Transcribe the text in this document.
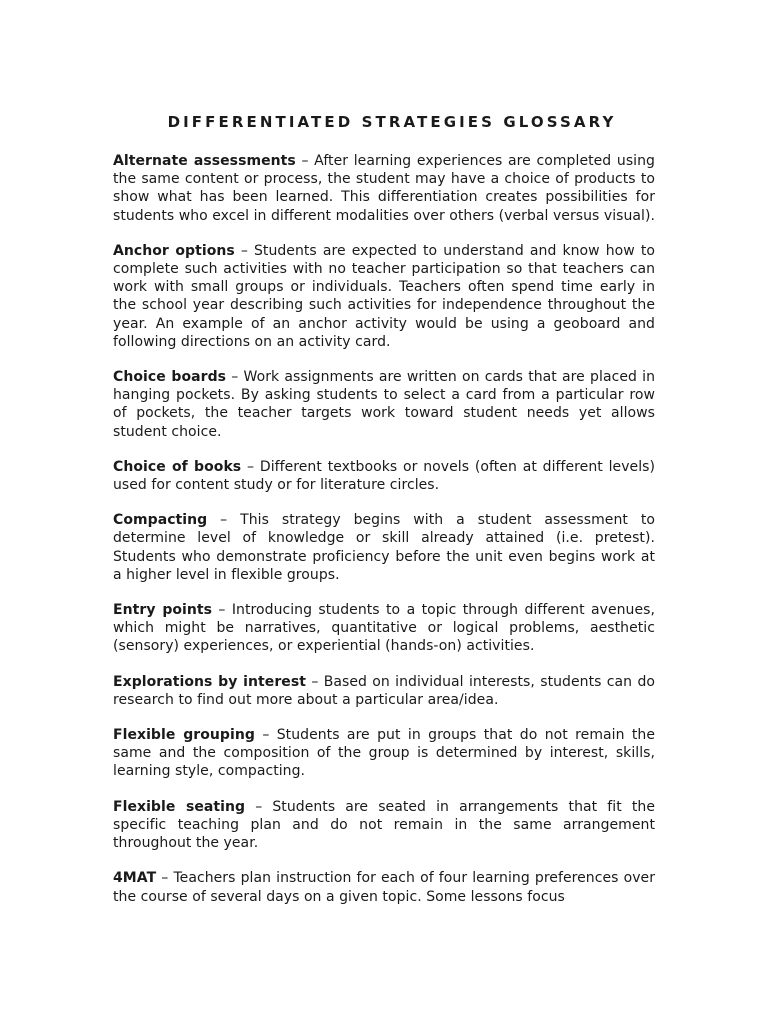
DIFFERENTIATED STRATEGIES GLOSSARY

Alternate assessments – After learning experiences are completed using the same content or process, the student may have a choice of products to show what has been learned. This differentiation creates possibilities for students who excel in different modalities over others (verbal versus visual).

Anchor options – Students are expected to understand and know how to complete such activities with no teacher participation so that teachers can work with small groups or individuals. Teachers often spend time early in the school year describing such activities for independence throughout the year. An example of an anchor activity would be using a geoboard and following directions on an activity card.

Choice boards – Work assignments are written on cards that are placed in hanging pockets. By asking students to select a card from a particular row of pockets, the teacher targets work toward student needs yet allows student choice.

Choice of books – Different textbooks or novels (often at different levels) used for content study or for literature circles.

Compacting – This strategy begins with a student assessment to determine level of knowledge or skill already attained (i.e. pretest). Students who demonstrate proficiency before the unit even begins work at a higher level in flexible groups.

Entry points – Introducing students to a topic through different avenues, which might be narratives, quantitative or logical problems, aesthetic (sensory) experiences, or experiential (hands-on) activities.

Explorations by interest – Based on individual interests, students can do research to find out more about a particular area/idea.

Flexible grouping – Students are put in groups that do not remain the same and the composition of the group is determined by interest, skills, learning style, compacting.

Flexible seating – Students are seated in arrangements that fit the specific teaching plan and do not remain in the same arrangement throughout the year.

4MAT – Teachers plan instruction for each of four learning preferences over the course of several days on a given topic. Some lessons focus
